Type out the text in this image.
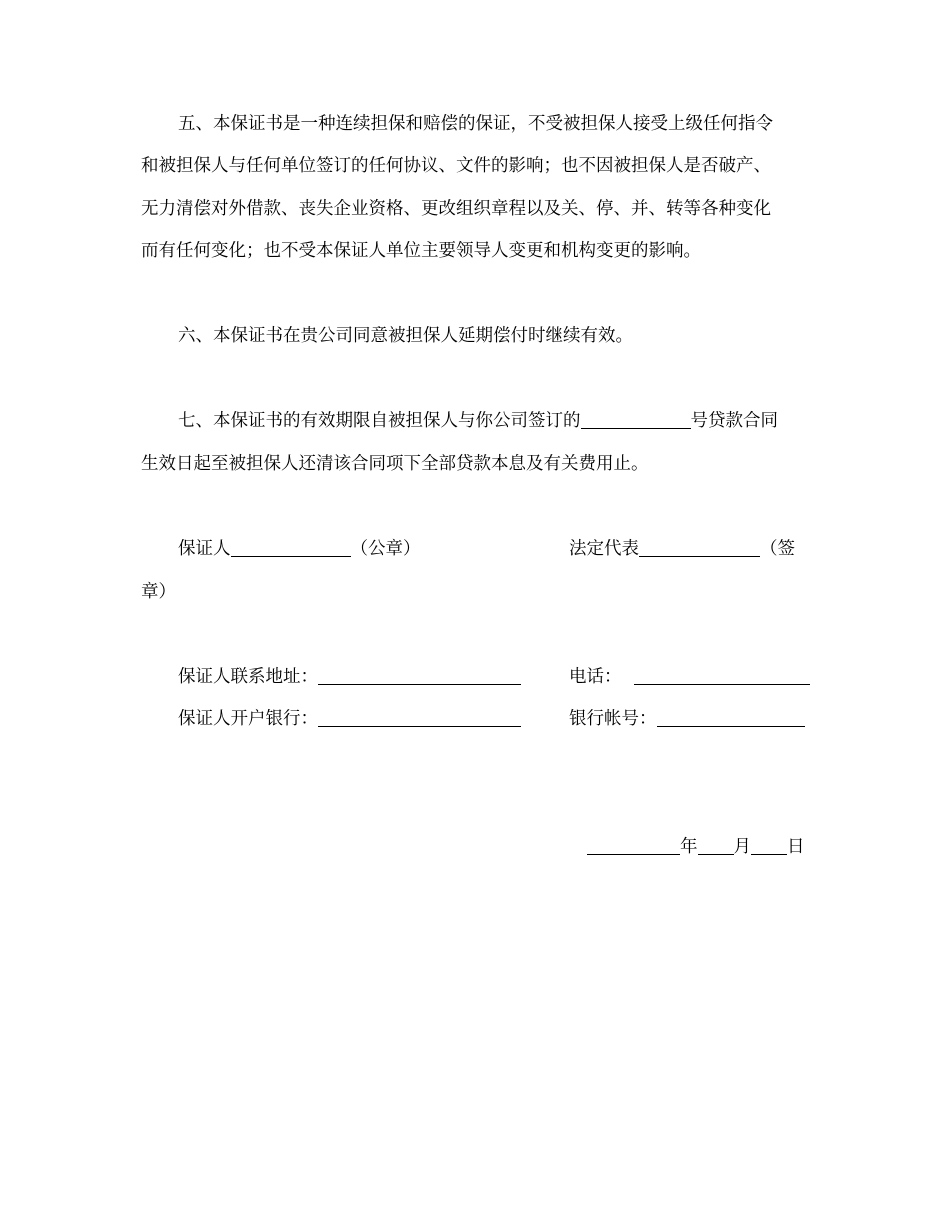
五、本保证书是一种连续担保和赔偿的保证，不受被担保人接受上级任何指令
和被担保人与任何单位签订的任何协议、文件的影响；也不因被担保人是否破产、
无力清偿对外借款、丧失企业资格、更改组织章程以及关、停、并、转等各种变化
而有任何变化；也不受本保证人单位主要领导人变更和机构变更的影响。
六、本保证书在贵公司同意被担保人延期偿付时继续有效。
七、本保证书的有效期限自被担保人与你公司签订的	号贷款合同
生效日起至被担保人还清该合同项下全部贷款本息及有关费用止。
保证人	（公章）	法定代表	（签
章）
保证人联系地址：	电话：
保证人开户银行：	银行帐号：
年 月 日
